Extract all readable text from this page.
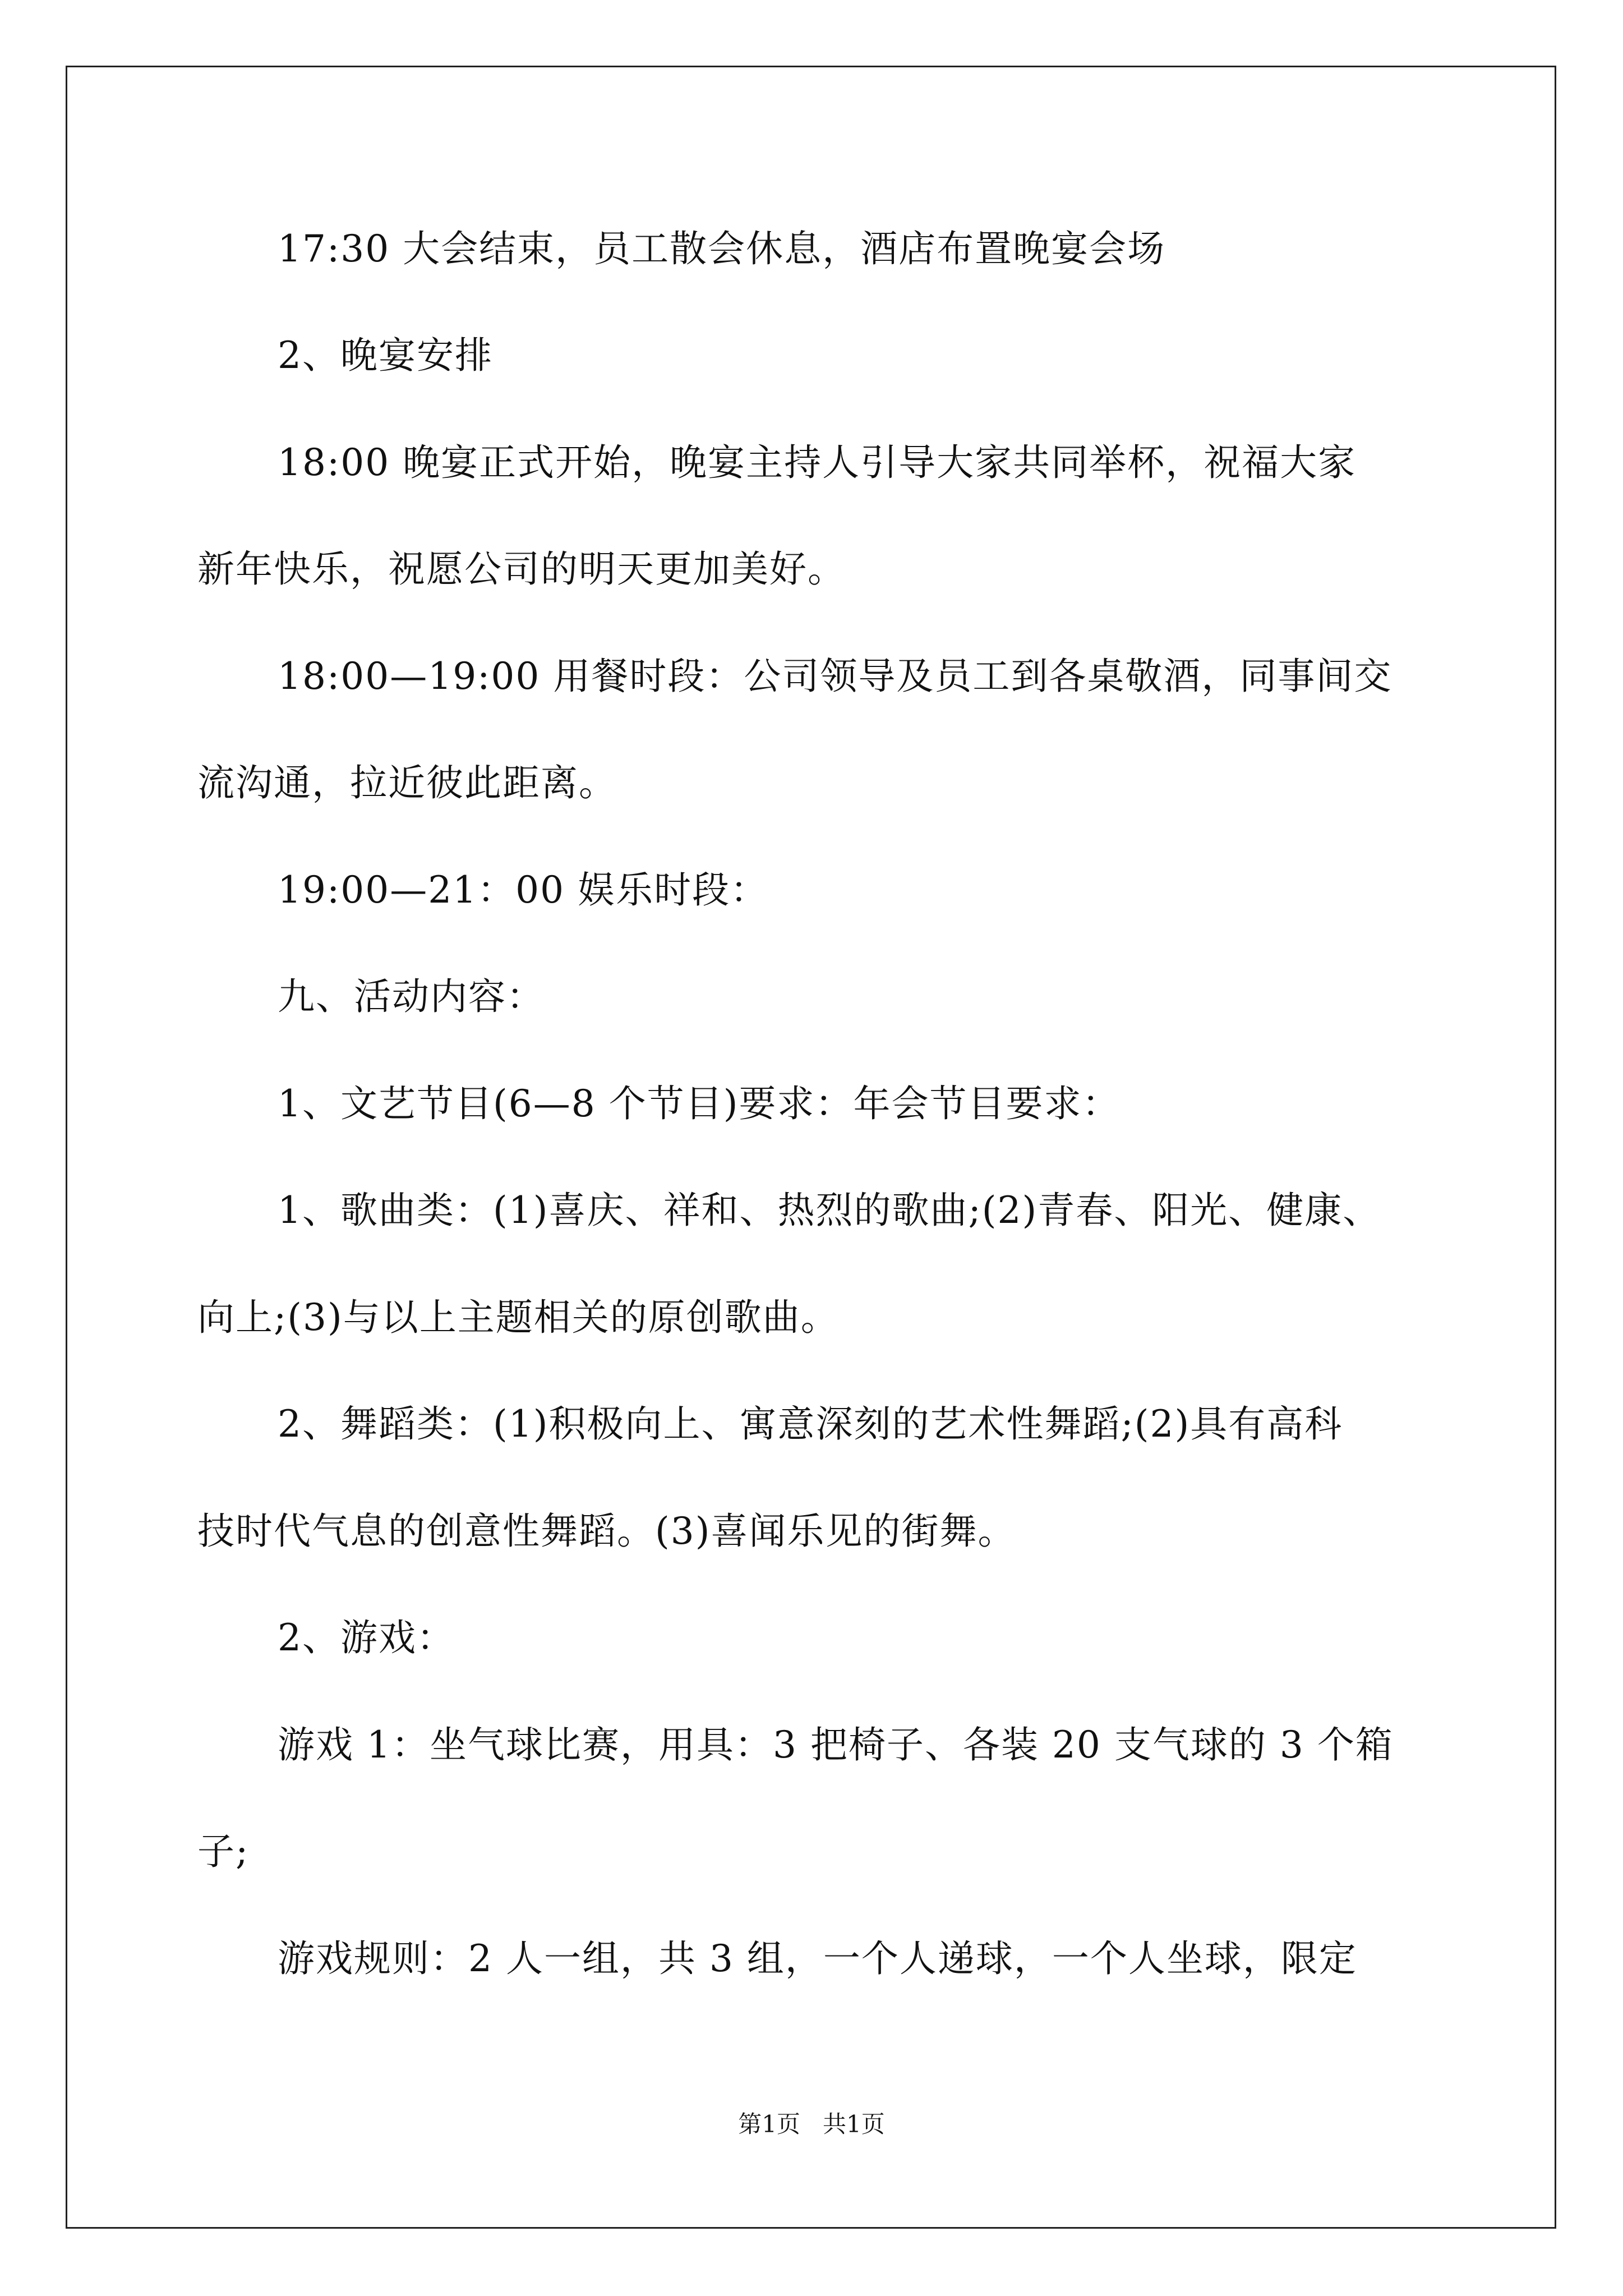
17:30 大会结束，员工散会休息，酒店布置晚宴会场
2、晚宴安排
18:00 晚宴正式开始，晚宴主持人引导大家共同举杯，祝福大家
新年快乐，祝愿公司的明天更加美好。
18:00—19:00 用餐时段：公司领导及员工到各桌敬酒，同事间交
流沟通，拉近彼此距离。
19:00—21：00 娱乐时段：
九、活动内容：
1、文艺节目(6—8 个节目)要求：年会节目要求：
1、歌曲类：(1)喜庆、祥和、热烈的歌曲;(2)青春、阳光、健康、
向上;(3)与以上主题相关的原创歌曲。
2、舞蹈类：(1)积极向上、寓意深刻的艺术性舞蹈;(2)具有高科
技时代气息的创意性舞蹈。(3)喜闻乐见的街舞。
2、游戏：
游戏 1：坐气球比赛，用具：3 把椅子、各装 20 支气球的 3 个箱
子;
游戏规则：2 人一组，共 3 组，一个人递球，一个人坐球，限定
第1页   共1页
